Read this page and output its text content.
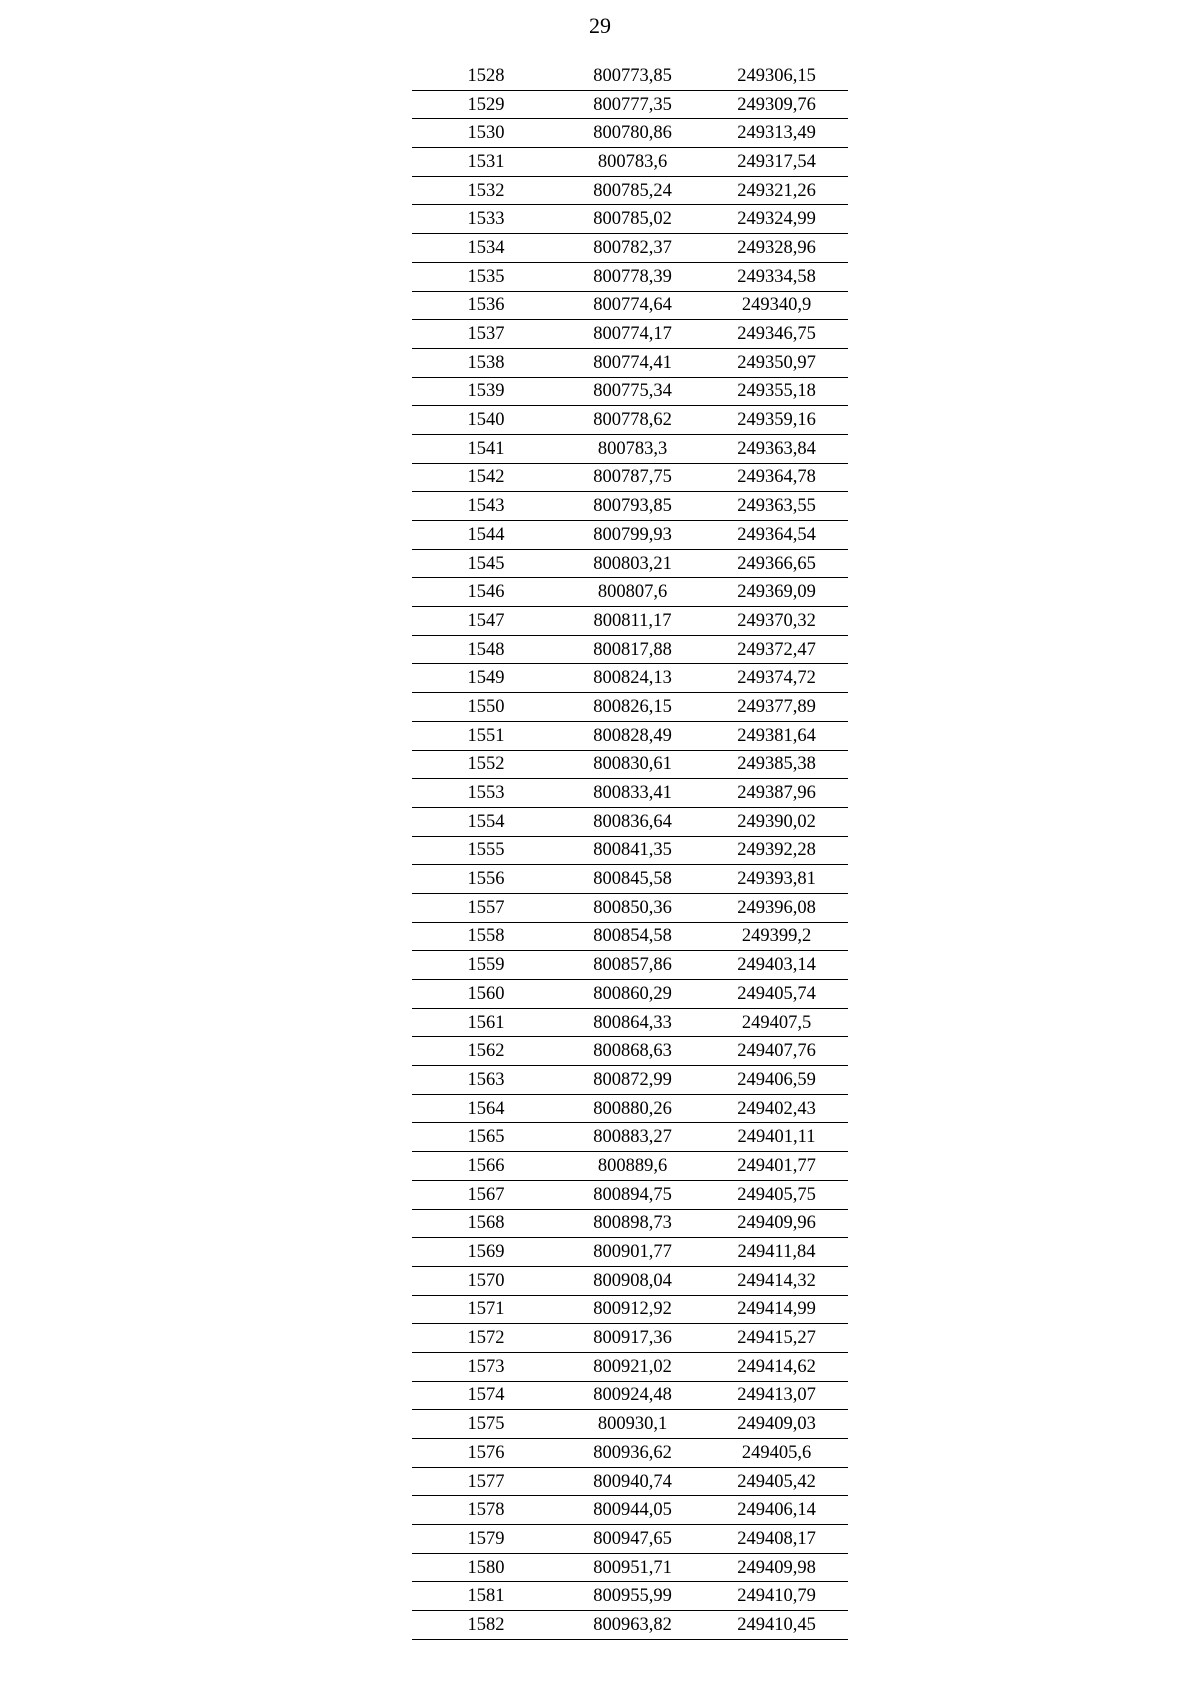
29
1528	800773,85	249306,15
1529	800777,35	249309,76
1530	800780,86	249313,49
1531	800783,6	249317,54
1532	800785,24	249321,26
1533	800785,02	249324,99
1534	800782,37	249328,96
1535	800778,39	249334,58
1536	800774,64	249340,9
1537	800774,17	249346,75
1538	800774,41	249350,97
1539	800775,34	249355,18
1540	800778,62	249359,16
1541	800783,3	249363,84
1542	800787,75	249364,78
1543	800793,85	249363,55
1544	800799,93	249364,54
1545	800803,21	249366,65
1546	800807,6	249369,09
1547	800811,17	249370,32
1548	800817,88	249372,47
1549	800824,13	249374,72
1550	800826,15	249377,89
1551	800828,49	249381,64
1552	800830,61	249385,38
1553	800833,41	249387,96
1554	800836,64	249390,02
1555	800841,35	249392,28
1556	800845,58	249393,81
1557	800850,36	249396,08
1558	800854,58	249399,2
1559	800857,86	249403,14
1560	800860,29	249405,74
1561	800864,33	249407,5
1562	800868,63	249407,76
1563	800872,99	249406,59
1564	800880,26	249402,43
1565	800883,27	249401,11
1566	800889,6	249401,77
1567	800894,75	249405,75
1568	800898,73	249409,96
1569	800901,77	249411,84
1570	800908,04	249414,32
1571	800912,92	249414,99
1572	800917,36	249415,27
1573	800921,02	249414,62
1574	800924,48	249413,07
1575	800930,1	249409,03
1576	800936,62	249405,6
1577	800940,74	249405,42
1578	800944,05	249406,14
1579	800947,65	249408,17
1580	800951,71	249409,98
1581	800955,99	249410,79
1582	800963,82	249410,45
